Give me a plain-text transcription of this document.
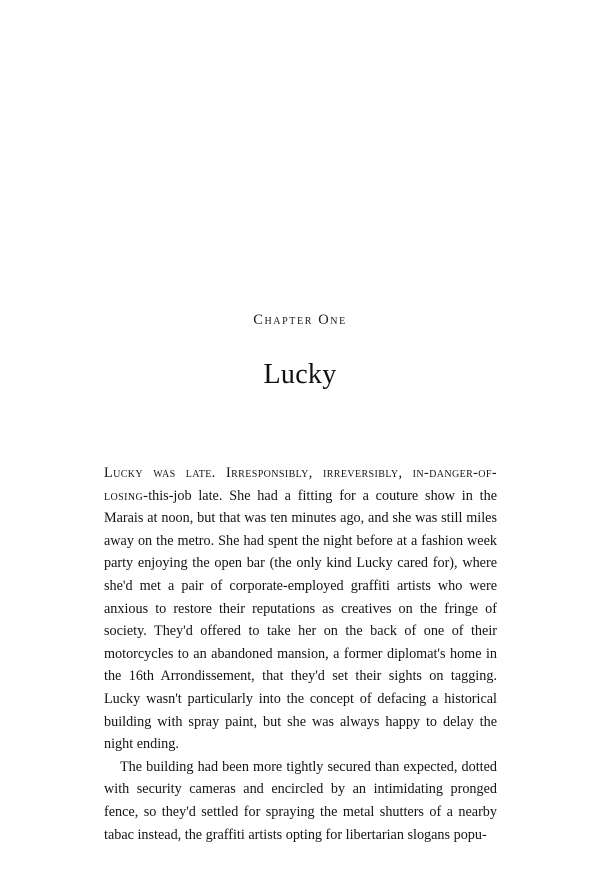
Chapter One
Lucky

Lucky was late. Irresponsibly, irreversibly, in-danger-of-losing-this-job late. She had a fitting for a couture show in the Marais at noon, but that was ten minutes ago, and she was still miles away on the metro. She had spent the night before at a fashion week party enjoying the open bar (the only kind Lucky cared for), where she'd met a pair of corporate-employed graffiti artists who were anxious to restore their reputations as creatives on the fringe of society. They'd offered to take her on the back of one of their motorcycles to an abandoned mansion, a former diplomat's home in the 16th Arrondissement, that they'd set their sights on tagging. Lucky wasn't particularly into the concept of defacing a historical building with spray paint, but she was always happy to delay the night ending.

The building had been more tightly secured than expected, dotted with security cameras and encircled by an intimidating pronged fence, so they'd settled for spraying the metal shutters of a nearby tabac instead, the graffiti artists opting for libertarian slogans popu-
